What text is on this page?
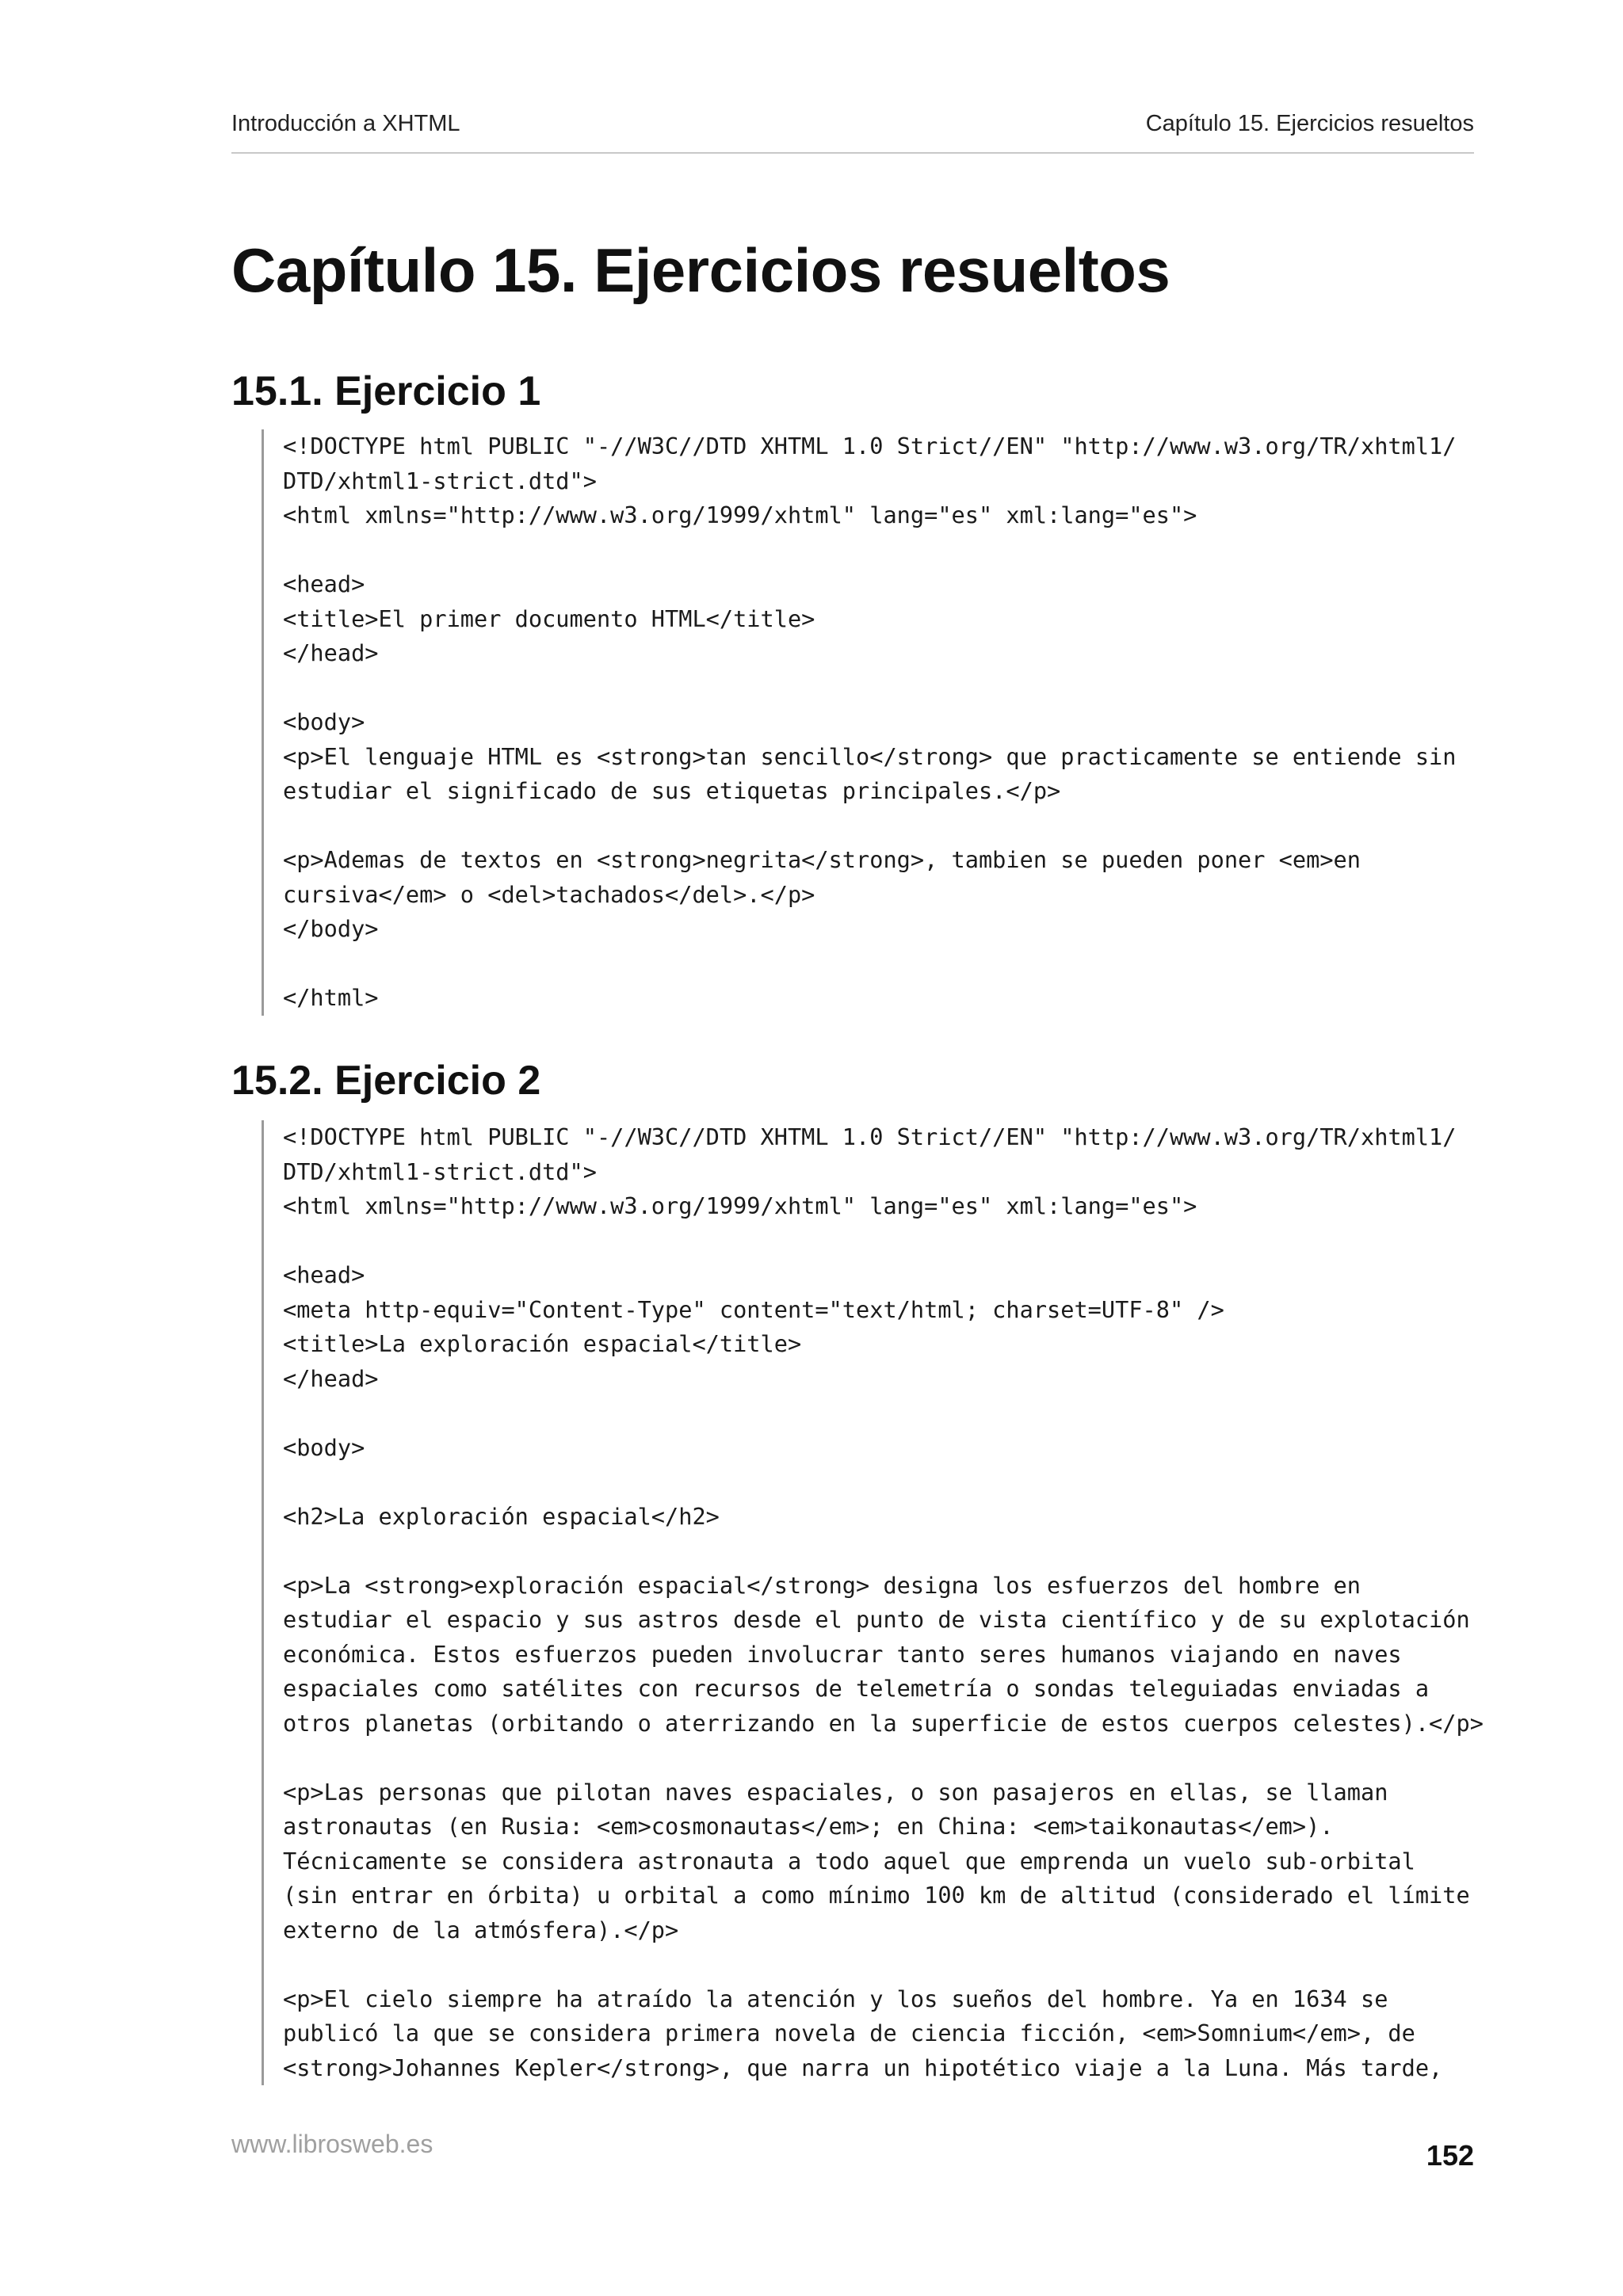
Introducción a XHTML	Capítulo 15. Ejercicios resueltos
Capítulo 15. Ejercicios resueltos
15.1. Ejercicio 1
<!DOCTYPE html PUBLIC "-//W3C//DTD XHTML 1.0 Strict//EN" "http://www.w3.org/TR/xhtml1/
DTD/xhtml1-strict.dtd">
<html xmlns="http://www.w3.org/1999/xhtml" lang="es" xml:lang="es">
<head>
<title>El primer documento HTML</title>
</head>
<body>
<p>El lenguaje HTML es <strong>tan sencillo</strong> que practicamente se entiende sin
estudiar el significado de sus etiquetas principales.</p>
<p>Ademas de textos en <strong>negrita</strong>, tambien se pueden poner <em>en
cursiva</em> o <del>tachados</del>.</p>
</body>
</html>
15.2. Ejercicio 2
<!DOCTYPE html PUBLIC "-//W3C//DTD XHTML 1.0 Strict//EN" "http://www.w3.org/TR/xhtml1/
DTD/xhtml1-strict.dtd">
<html xmlns="http://www.w3.org/1999/xhtml" lang="es" xml:lang="es">
<head>
<meta http-equiv="Content-Type" content="text/html; charset=UTF-8" />
<title>La exploración espacial</title>
</head>
<body>
<h2>La exploración espacial</h2>
<p>La <strong>exploración espacial</strong> designa los esfuerzos del hombre en
estudiar el espacio y sus astros desde el punto de vista científico y de su explotación
económica. Estos esfuerzos pueden involucrar tanto seres humanos viajando en naves
espaciales como satélites con recursos de telemetría o sondas teleguiadas enviadas a
otros planetas (orbitando o aterrizando en la superficie de estos cuerpos celestes).</p>
<p>Las personas que pilotan naves espaciales, o son pasajeros en ellas, se llaman
astronautas (en Rusia: <em>cosmonautas</em>; en China: <em>taikonautas</em>).
Técnicamente se considera astronauta a todo aquel que emprenda un vuelo sub-orbital
(sin entrar en órbita) u orbital a como mínimo 100 km de altitud (considerado el límite
externo de la atmósfera).</p>
<p>El cielo siempre ha atraído la atención y los sueños del hombre. Ya en 1634 se
publicó la que se considera primera novela de ciencia ficción, <em>Somnium</em>, de
<strong>Johannes Kepler</strong>, que narra un hipotético viaje a la Luna. Más tarde,
www.librosweb.es	152
